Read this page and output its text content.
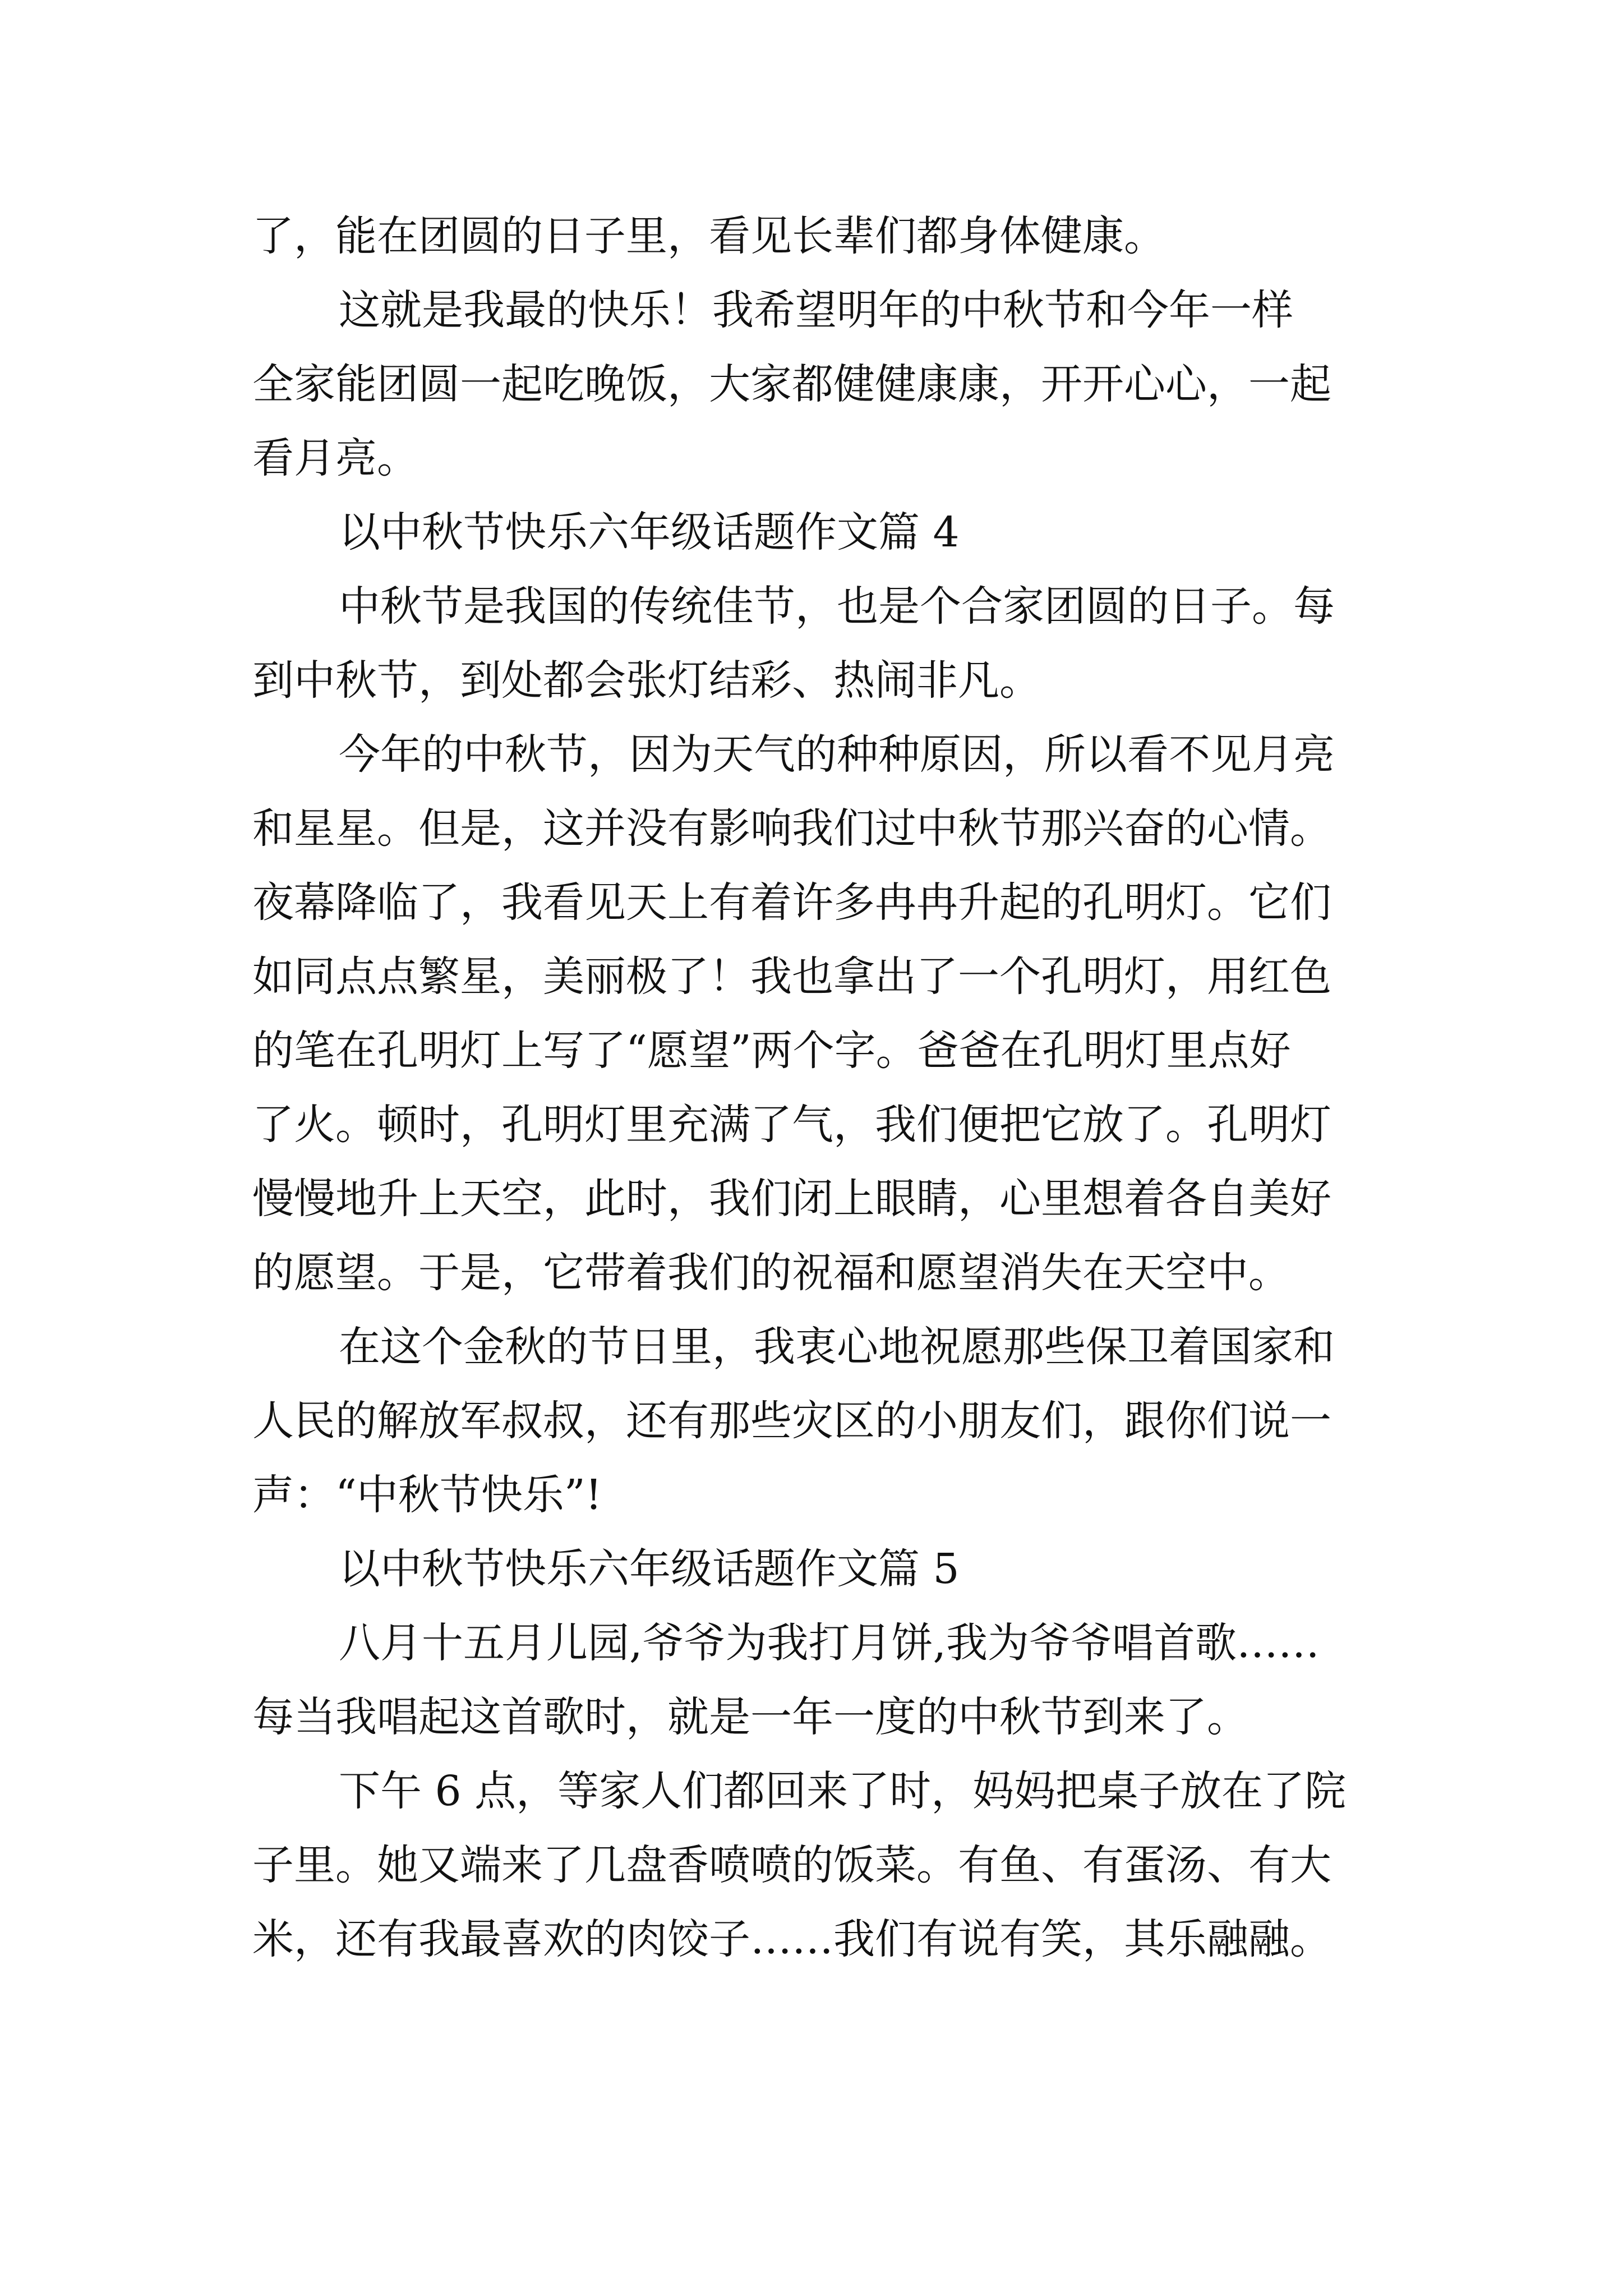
了，能在团圆的日子里，看见长辈们都身体健康。
这就是我最的快乐！我希望明年的中秋节和今年一样
全家能团圆一起吃晚饭，大家都健健康康，开开心心，一起
看月亮。
以中秋节快乐六年级话题作文篇 4
中秋节是我国的传统佳节，也是个合家团圆的日子。每
到中秋节，到处都会张灯结彩、热闹非凡。
今年的中秋节，因为天气的种种原因，所以看不见月亮
和星星。但是，这并没有影响我们过中秋节那兴奋的心情。
夜幕降临了，我看见天上有着许多冉冉升起的孔明灯。它们
如同点点繁星，美丽极了！我也拿出了一个孔明灯，用红色
的笔在孔明灯上写了“愿望”两个字。爸爸在孔明灯里点好
了火。顿时，孔明灯里充满了气，我们便把它放了。孔明灯
慢慢地升上天空，此时，我们闭上眼睛，心里想着各自美好
的愿望。于是，它带着我们的祝福和愿望消失在天空中。
在这个金秋的节日里，我衷心地祝愿那些保卫着国家和
人民的解放军叔叔，还有那些灾区的小朋友们，跟你们说一
声：“中秋节快乐”!
以中秋节快乐六年级话题作文篇 5
八月十五月儿园,爷爷为我打月饼,我为爷爷唱首歌……
每当我唱起这首歌时，就是一年一度的中秋节到来了。
下午 6 点，等家人们都回来了时，妈妈把桌子放在了院
子里。她又端来了几盘香喷喷的饭菜。有鱼、有蛋汤、有大
米，还有我最喜欢的肉饺子……我们有说有笑，其乐融融。
